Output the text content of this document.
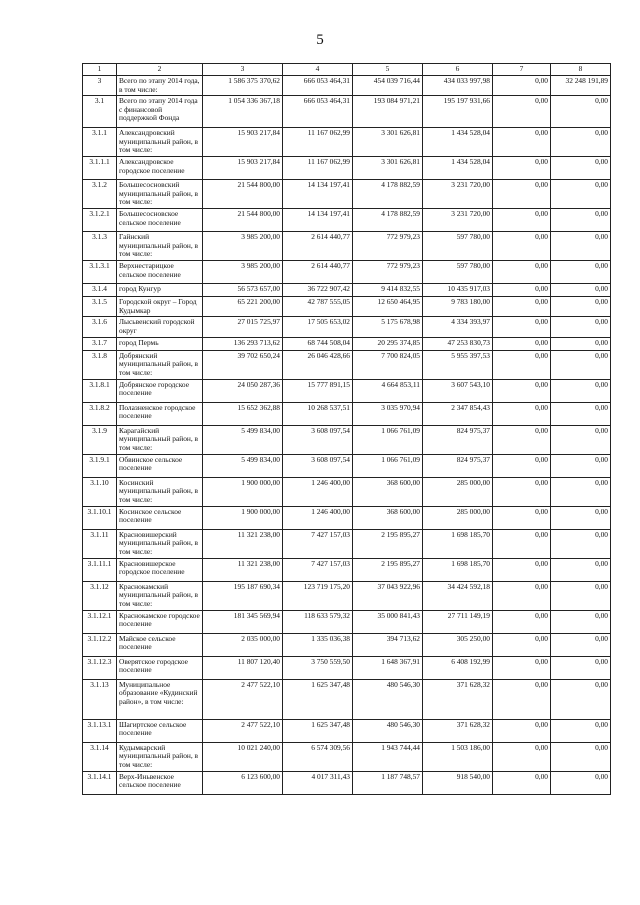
5
1	2	3	4	5	6	7	8
3	Всего по этапу 2014 года, в том числе:	1 586 375 370,62	666 053 464,31	454 039 716,44	434 033 997,98	0,00	32 248 191,89
3.1	Всего по этапу 2014 года с финансовой поддержкой Фонда	1 054 336 367,18	666 053 464,31	193 084 971,21	195 197 931,66	0,00	0,00
3.1.1	Александровский муниципальный район, в том числе:	15 903 217,84	11 167 062,99	3 301 626,81	1 434 528,04	0,00	0,00
3.1.1.1	Александровское городское поселение	15 903 217,84	11 167 062,99	3 301 626,81	1 434 528,04	0,00	0,00
3.1.2	Большесосновский муниципальный район, в том числе:	21 544 800,00	14 134 197,41	4 178 882,59	3 231 720,00	0,00	0,00
3.1.2.1	Большесосновское сельское поселение	21 544 800,00	14 134 197,41	4 178 882,59	3 231 720,00	0,00	0,00
3.1.3	Гайнский муниципальный район, в том числе:	3 985 200,00	2 614 440,77	772 979,23	597 780,00	0,00	0,00
3.1.3.1	Верхнестарицкое сельское поселение	3 985 200,00	2 614 440,77	772 979,23	597 780,00	0,00	0,00
3.1.4	город Кунгур	56 573 657,00	36 722 907,42	9 414 832,55	10 435 917,03	0,00	0,00
3.1.5	Городской округ – Город Кудымкар	65 221 200,00	42 787 555,05	12 650 464,95	9 783 180,00	0,00	0,00
3.1.6	Лысьвенский городской округ	27 015 725,97	17 505 653,02	5 175 678,98	4 334 393,97	0,00	0,00
3.1.7	город Пермь	136 293 713,62	68 744 508,04	20 295 374,85	47 253 830,73	0,00	0,00
3.1.8	Добрянский муниципальный район, в том числе:	39 702 650,24	26 046 428,66	7 700 824,05	5 955 397,53	0,00	0,00
3.1.8.1	Добрянское городское поселение	24 050 287,36	15 777 891,15	4 664 853,11	3 607 543,10	0,00	0,00
3.1.8.2	Полазненское городское поселение	15 652 362,88	10 268 537,51	3 035 970,94	2 347 854,43	0,00	0,00
3.1.9	Карагайский муниципальный район, в том числе:	5 499 834,00	3 608 097,54	1 066 761,09	824 975,37	0,00	0,00
3.1.9.1	Обвинское сельское поселение	5 499 834,00	3 608 097,54	1 066 761,09	824 975,37	0,00	0,00
3.1.10	Косинский муниципальный район, в том числе:	1 900 000,00	1 246 400,00	368 600,00	285 000,00	0,00	0,00
3.1.10.1	Косинское сельское поселение	1 900 000,00	1 246 400,00	368 600,00	285 000,00	0,00	0,00
3.1.11	Красновишерский муниципальный район, в том числе:	11 321 238,00	7 427 157,03	2 195 895,27	1 698 185,70	0,00	0,00
3.1.11.1	Красновишерское городское поселение	11 321 238,00	7 427 157,03	2 195 895,27	1 698 185,70	0,00	0,00
3.1.12	Краснокамский муниципальный район, в том числе:	195 187 690,34	123 719 175,20	37 043 922,96	34 424 592,18	0,00	0,00
3.1.12.1	Краснокамское городское поселение	181 345 569,94	118 633 579,32	35 000 841,43	27 711 149,19	0,00	0,00
3.1.12.2	Майское сельское поселение	2 035 000,00	1 335 036,38	394 713,62	305 250,00	0,00	0,00
3.1.12.3	Оверятское городское поселение	11 807 120,40	3 750 559,50	1 648 367,91	6 408 192,99	0,00	0,00
3.1.13	Муниципальное образование «Кудинский район», в том числе:	2 477 522,10	1 625 347,48	480 546,30	371 628,32	0,00	0,00
3.1.13.1	Шагиртское сельское поселение	2 477 522,10	1 625 347,48	480 546,30	371 628,32	0,00	0,00
3.1.14	Кудымкарский муниципальный район, в том числе:	10 021 240,00	6 574 309,56	1 943 744,44	1 503 186,00	0,00	0,00
3.1.14.1	Верх-Иньвенское сельское поселение	6 123 600,00	4 017 311,43	1 187 748,57	918 540,00	0,00	0,00
